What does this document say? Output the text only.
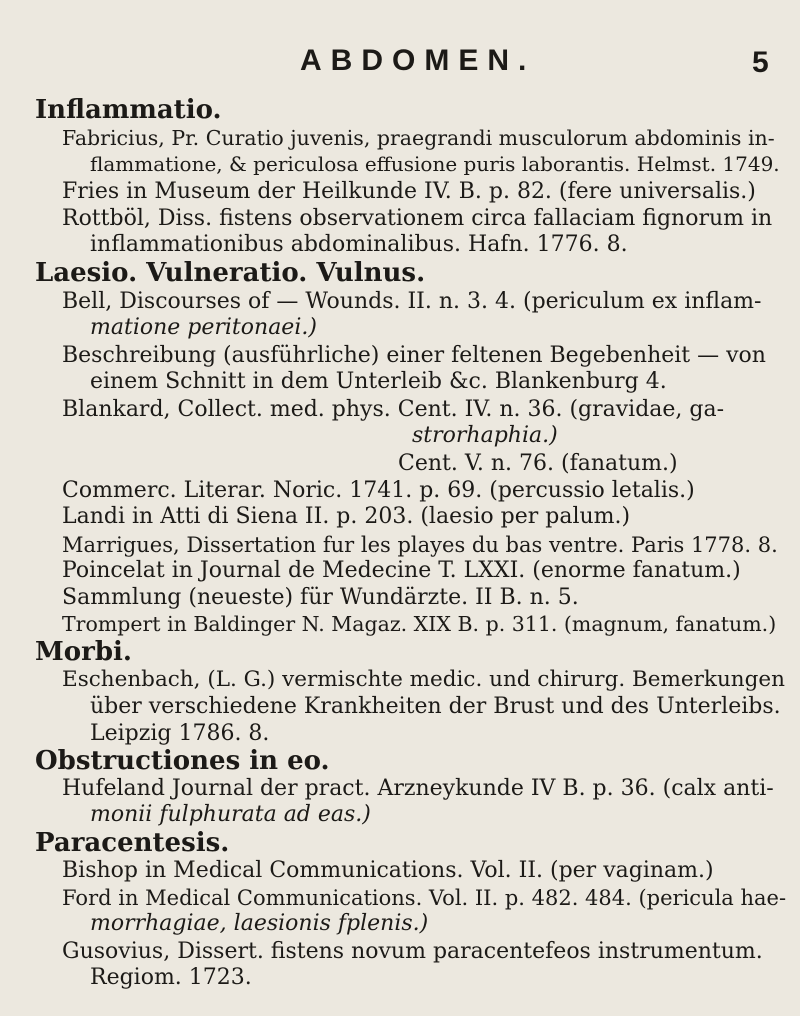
ABDOMEN.	5
Inflammatio.
Fabricius, Pr. Curatio juvenis, praegrandi musculorum abdominis in-
flammatione, & periculosa effusione puris laborantis. Helmst. 1749.
Fries in Museum der Heilkunde IV. B. p. 82. (fere universalis.)
Rottböl, Diss. fistens observationem circa fallaciam fignorum in
inflammationibus abdominalibus. Hafn. 1776. 8.
Laesio. Vulneratio. Vulnus.
Bell, Discourses of — Wounds. II. n. 3. 4. (periculum ex inflam-
matione peritonaei.)
Beschreibung (ausführliche) einer feltenen Begebenheit — von
einem Schnitt in dem Unterleib &c. Blankenburg 4.
Blankard, Collect. med. phys. Cent. IV. n. 36. (gravidae, ga-
strorhaphia.)
Cent. V. n. 76. (fanatum.)
Commerc. Literar. Noric. 1741. p. 69. (percussio letalis.)
Landi in Atti di Siena II. p. 203. (laesio per palum.)
Marrigues, Dissertation fur les playes du bas ventre. Paris 1778. 8.
Poincelat in Journal de Medecine T. LXXI. (enorme fanatum.)
Sammlung (neueste) für Wundärzte. II B. n. 5.
Trompert in Baldinger N. Magaz. XIX B. p. 311. (magnum, fanatum.)
Morbi.
Eschenbach, (L. G.) vermischte medic. und chirurg. Bemerkungen
über verschiedene Krankheiten der Brust und des Unterleibs.
Leipzig 1786. 8.
Obstructiones in eo.
Hufeland Journal der pract. Arzneykunde IV B. p. 36. (calx anti-
monii fulphurata ad eas.)
Paracentesis.
Bishop in Medical Communications. Vol. II. (per vaginam.)
Ford in Medical Communications. Vol. II. p. 482. 484. (pericula hae-
morrhagiae, laesionis fplenis.)
Gusovius, Dissert. fistens novum paracentefeos instrumentum.
Regiom. 1723.
